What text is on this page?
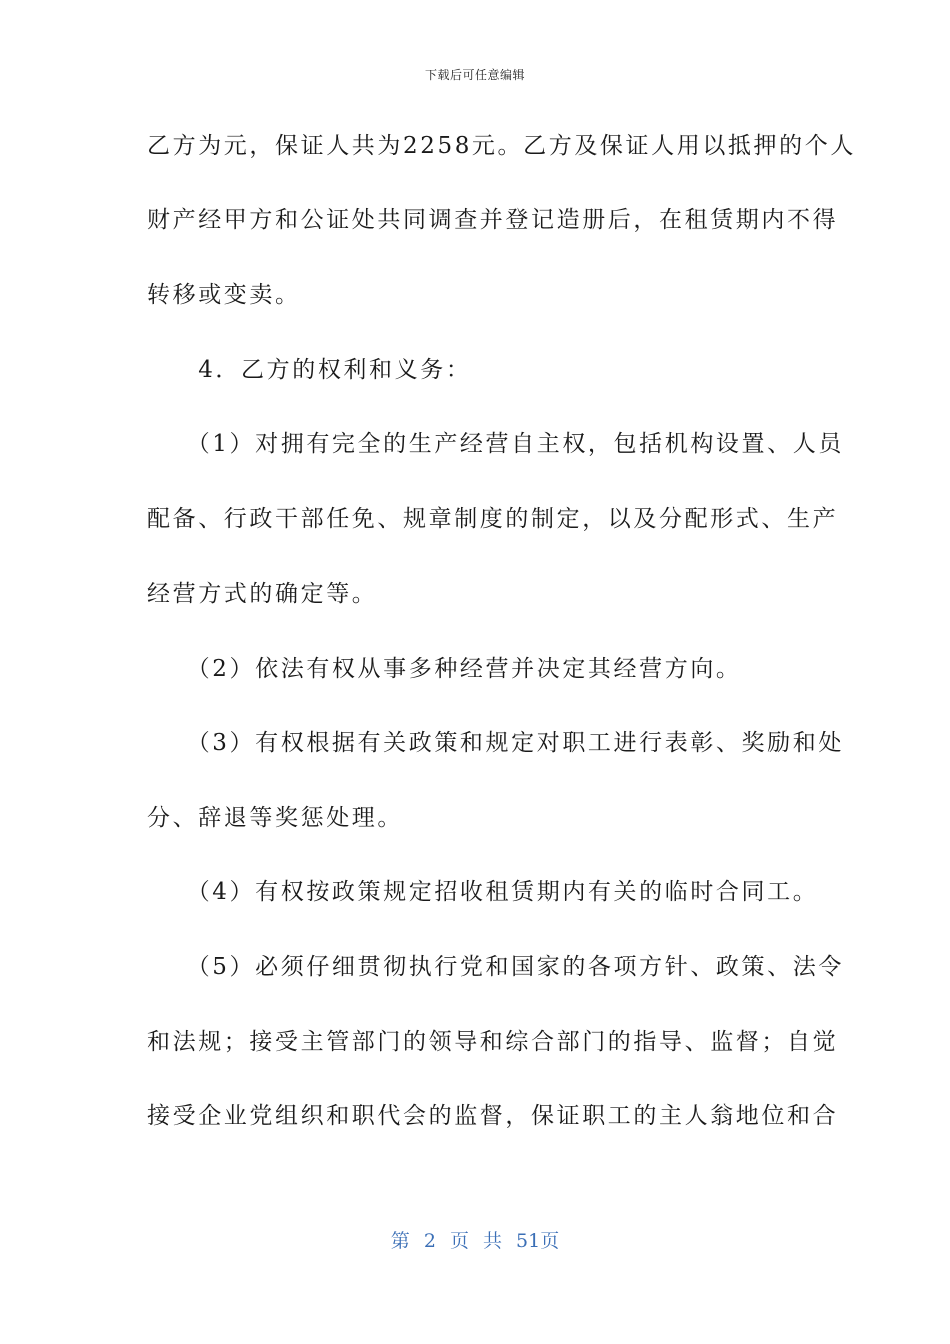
下载后可任意编辑
乙方为元，保证人共为2258元。乙方及保证人用以抵押的个人
财产经甲方和公证处共同调查并登记造册后，在租赁期内不得
转移或变卖。
　　4．乙方的权利和义务：
　　（1）对拥有完全的生产经营自主权，包括机构设置、人员
配备、行政干部任免、规章制度的制定，以及分配形式、生产
经营方式的确定等。
　　（2）依法有权从事多种经营并决定其经营方向。
　　（3）有权根据有关政策和规定对职工进行表彰、奖励和处
分、辞退等奖惩处理。
　　（4）有权按政策规定招收租赁期内有关的临时合同工。
　　（5）必须仔细贯彻执行党和国家的各项方针、政策、法令
和法规；接受主管部门的领导和综合部门的指导、监督；自觉
接受企业党组织和职代会的监督，保证职工的主人翁地位和合
第 2 页 共 51页
